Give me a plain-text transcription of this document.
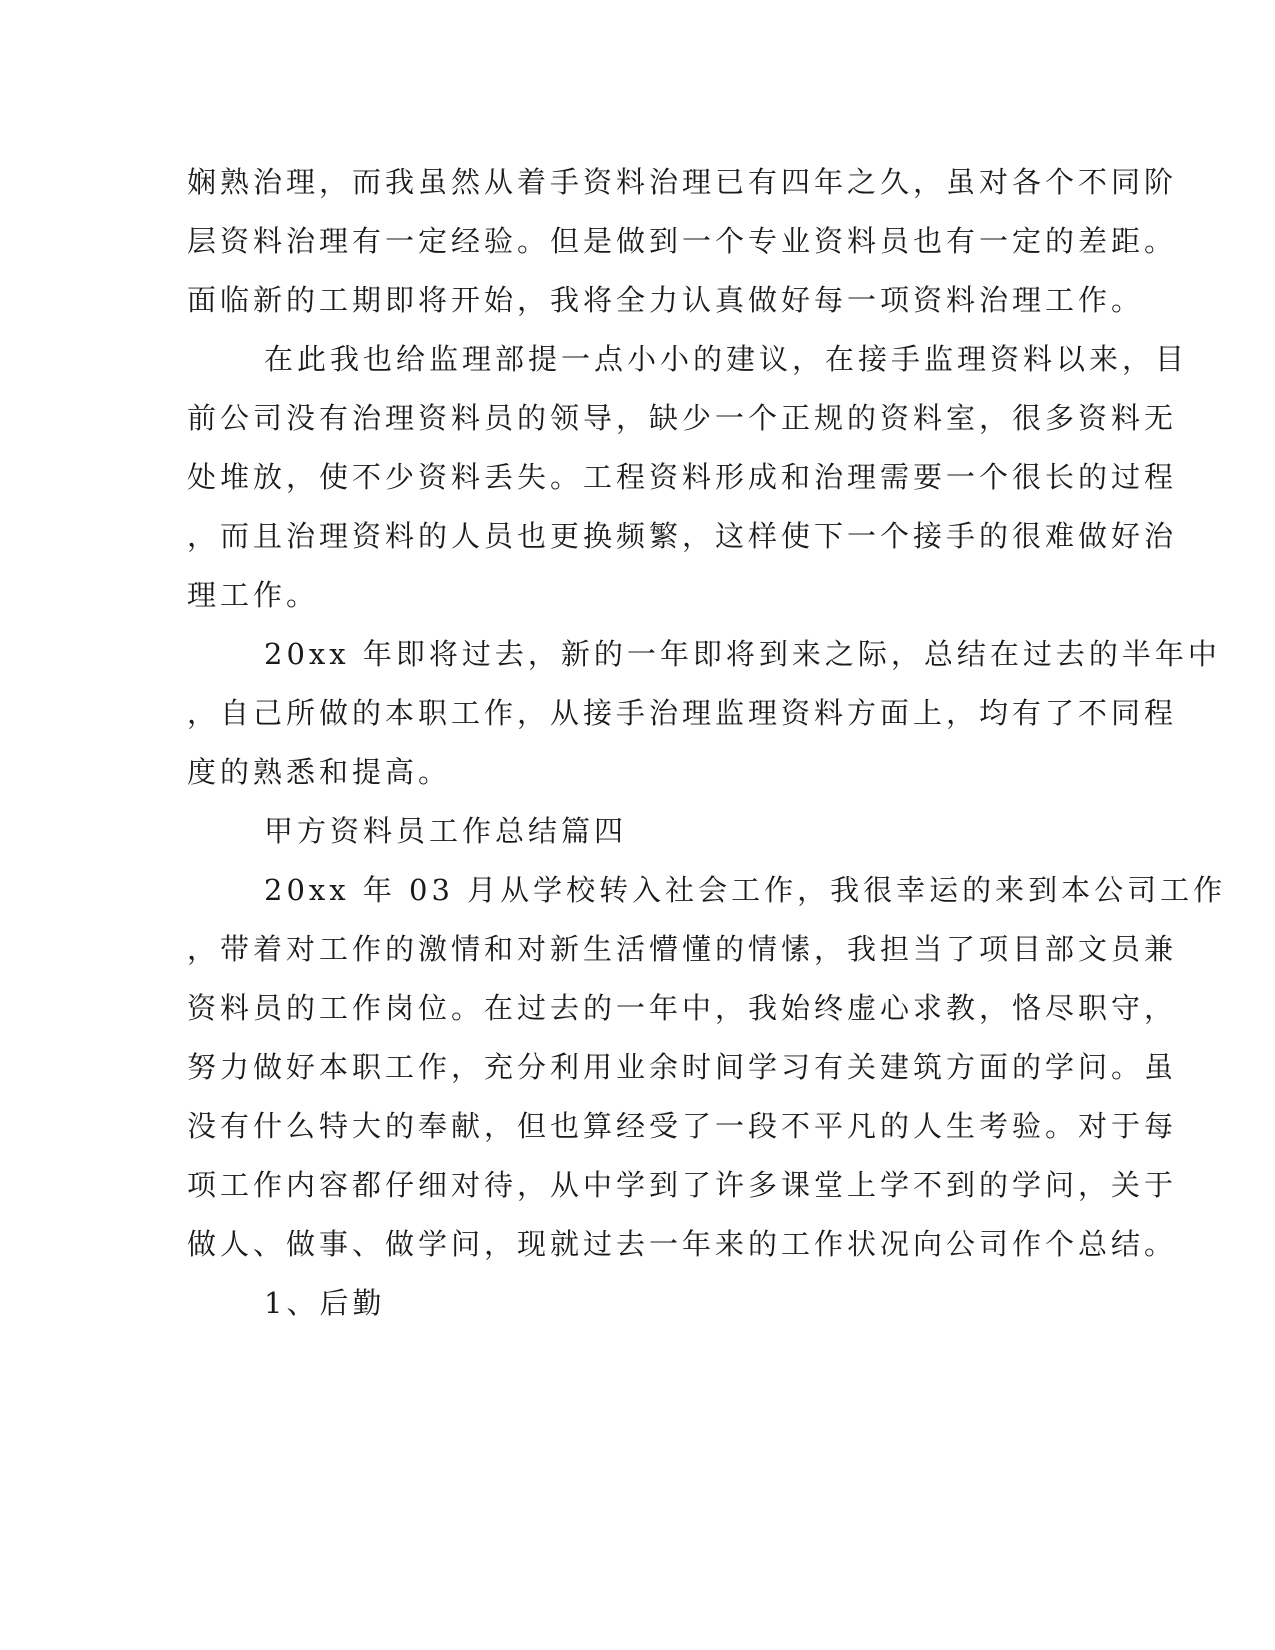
娴熟治理，而我虽然从着手资料治理已有四年之久，虽对各个不同阶
层资料治理有一定经验。但是做到一个专业资料员也有一定的差距。
面临新的工期即将开始，我将全力认真做好每一项资料治理工作。
在此我也给监理部提一点小小的建议，在接手监理资料以来，目
前公司没有治理资料员的领导，缺少一个正规的资料室，很多资料无
处堆放，使不少资料丢失。工程资料形成和治理需要一个很长的过程
，而且治理资料的人员也更换频繁，这样使下一个接手的很难做好治
理工作。
20xx 年即将过去，新的一年即将到来之际，总结在过去的半年中
，自己所做的本职工作，从接手治理监理资料方面上，均有了不同程
度的熟悉和提高。
甲方资料员工作总结篇四
20xx 年 03 月从学校转入社会工作，我很幸运的来到本公司工作
，带着对工作的激情和对新生活懵懂的情愫，我担当了项目部文员兼
资料员的工作岗位。在过去的一年中，我始终虚心求教，恪尽职守，
努力做好本职工作，充分利用业余时间学习有关建筑方面的学问。虽
没有什么特大的奉献，但也算经受了一段不平凡的人生考验。对于每
项工作内容都仔细对待，从中学到了许多课堂上学不到的学问，关于
做人、做事、做学问，现就过去一年来的工作状况向公司作个总结。
1、后勤
